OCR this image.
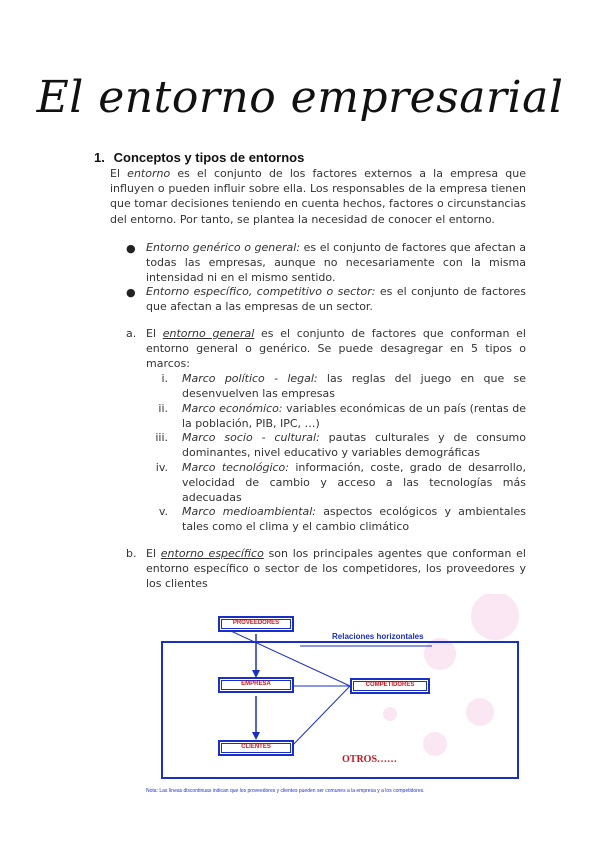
El entorno empresarial
1. Conceptos y tipos de entornos
El entorno es el conjunto de los factores externos a la empresa que influyen o pueden influir sobre ella. Los responsables de la empresa tienen que tomar decisiones teniendo en cuenta hechos, factores o circunstancias del entorno. Por tanto, se plantea la necesidad de conocer el entorno.
● Entorno genérico o general: es el conjunto de factores que afectan a todas las empresas, aunque no necesariamente con la misma intensidad ni en el mismo sentido.
● Entorno específico, competitivo o sector: es el conjunto de factores que afectan a las empresas de un sector.
a. El entorno general es el conjunto de factores que conforman el entorno general o genérico. Se puede desagregar en 5 tipos o marcos:
i. Marco político - legal: las reglas del juego en que se desenvuelven las empresas
ii. Marco económico: variables económicas de un país (rentas de la población, PIB, IPC, …)
iii. Marco socio - cultural: pautas culturales y de consumo dominantes, nivel educativo y variables demográficas
iv. Marco tecnológico: información, coste, grado de desarrollo, velocidad de cambio y acceso a las tecnologías más adecuadas
v. Marco medioambiental: aspectos ecológicos y ambientales tales como el clima y el cambio climático
b. El entorno específico son los principales agentes que conforman el entorno específico o sector de los competidores, los proveedores y los clientes
Relaciones horizontales
OTROS……
PROVEEDORES
EMPRESA
CLIENTES
COMPETIDORES
Nota: Las líneas discontinuas indican que los proveedores y clientes pueden ser comunes a la empresa y a los competidores.
